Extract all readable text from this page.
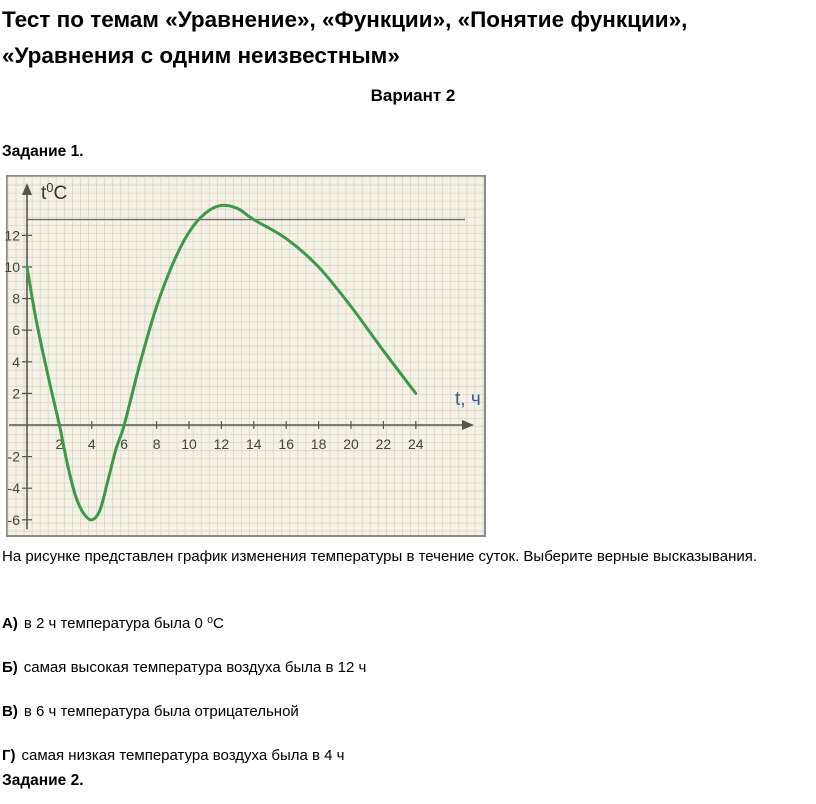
Тест по темам «Уравнение», «Функции», «Понятие функции»,
«Уравнения с одним неизвестным»
Вариант 2
Задание 1.
2 4 6 8 10 12 14 16 18 20 22 24
12
10
8
6
4
2
-2
-4
-6
$t^0C$
t, ч
На рисунке представлен график изменения температуры в течение суток. Выберите верные высказывания.
А) в 2 ч температура была 0 ⁰С
Б) самая высокая температура воздуха была в 12 ч
В) в 6 ч температура была отрицательной
Г) самая низкая температура воздуха была в 4 ч
Задание 2.
